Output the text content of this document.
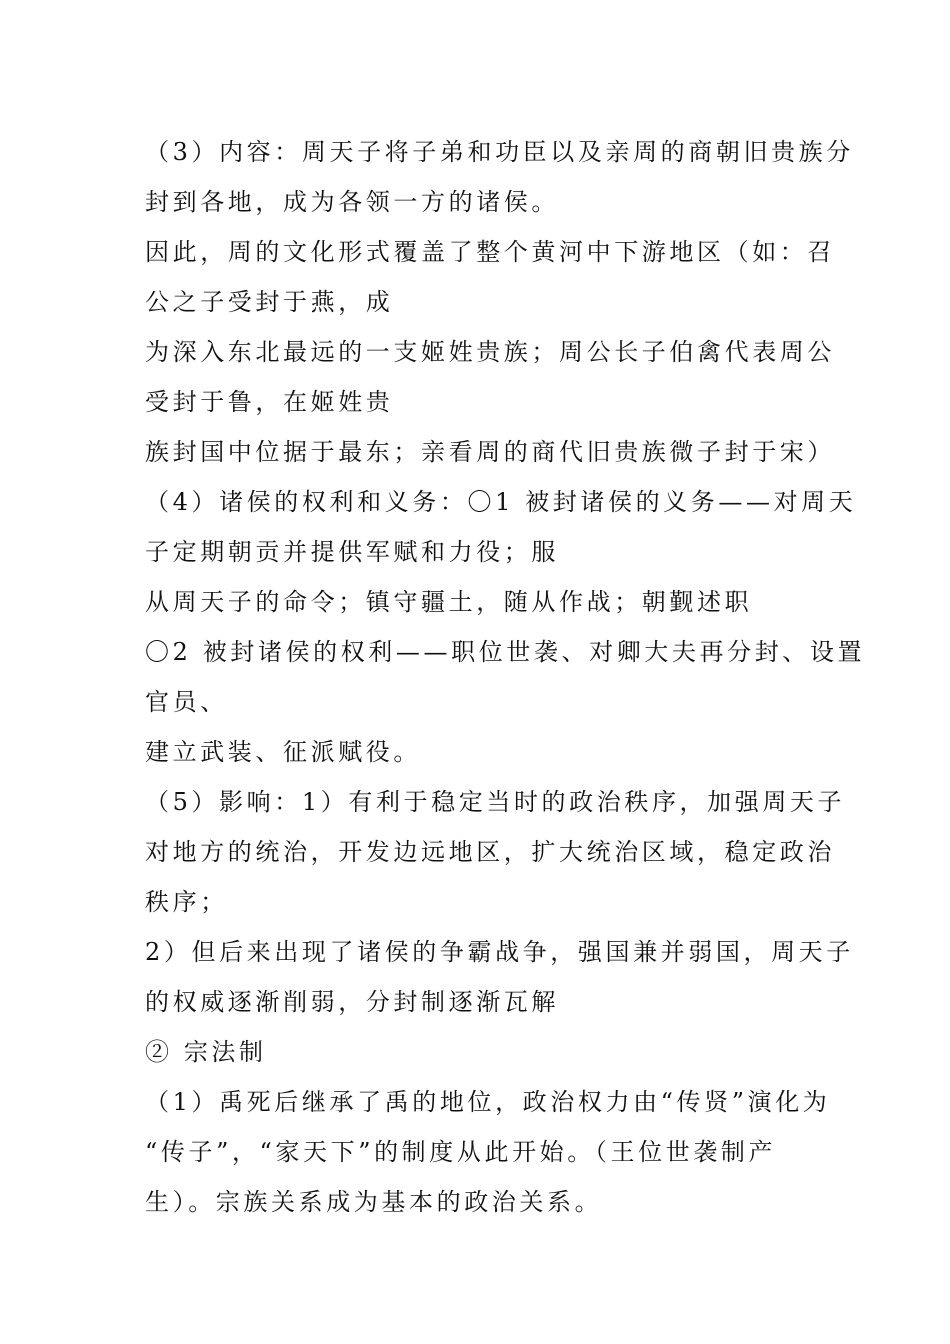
（3）内容：周天子将子弟和功臣以及亲周的商朝旧贵族分
封到各地，成为各领一方的诸侯。
因此，周的文化形式覆盖了整个黄河中下游地区（如：召
公之子受封于燕，成
为深入东北最远的一支姬姓贵族；周公长子伯禽代表周公
受封于鲁，在姬姓贵
族封国中位据于最东；亲看周的商代旧贵族微子封于宋）
（4）诸侯的权利和义务：〇1 被封诸侯的义务——对周天
子定期朝贡并提供军赋和力役；服
从周天子的命令；镇守疆土，随从作战；朝觐述职
〇2 被封诸侯的权利——职位世袭、对卿大夫再分封、设置
官员、
建立武装、征派赋役。
（5）影响：1）有利于稳定当时的政治秩序，加强周天子
对地方的统治，开发边远地区，扩大统治区域，稳定政治
秩序；
2）但后来出现了诸侯的争霸战争，强国兼并弱国，周天子
的权威逐渐削弱，分封制逐渐瓦解
② 宗法制
（1）禹死后继承了禹的地位，政治权力由“传贤”演化为
“传子”，“家天下”的制度从此开始。（王位世袭制产
生）。宗族关系成为基本的政治关系。
